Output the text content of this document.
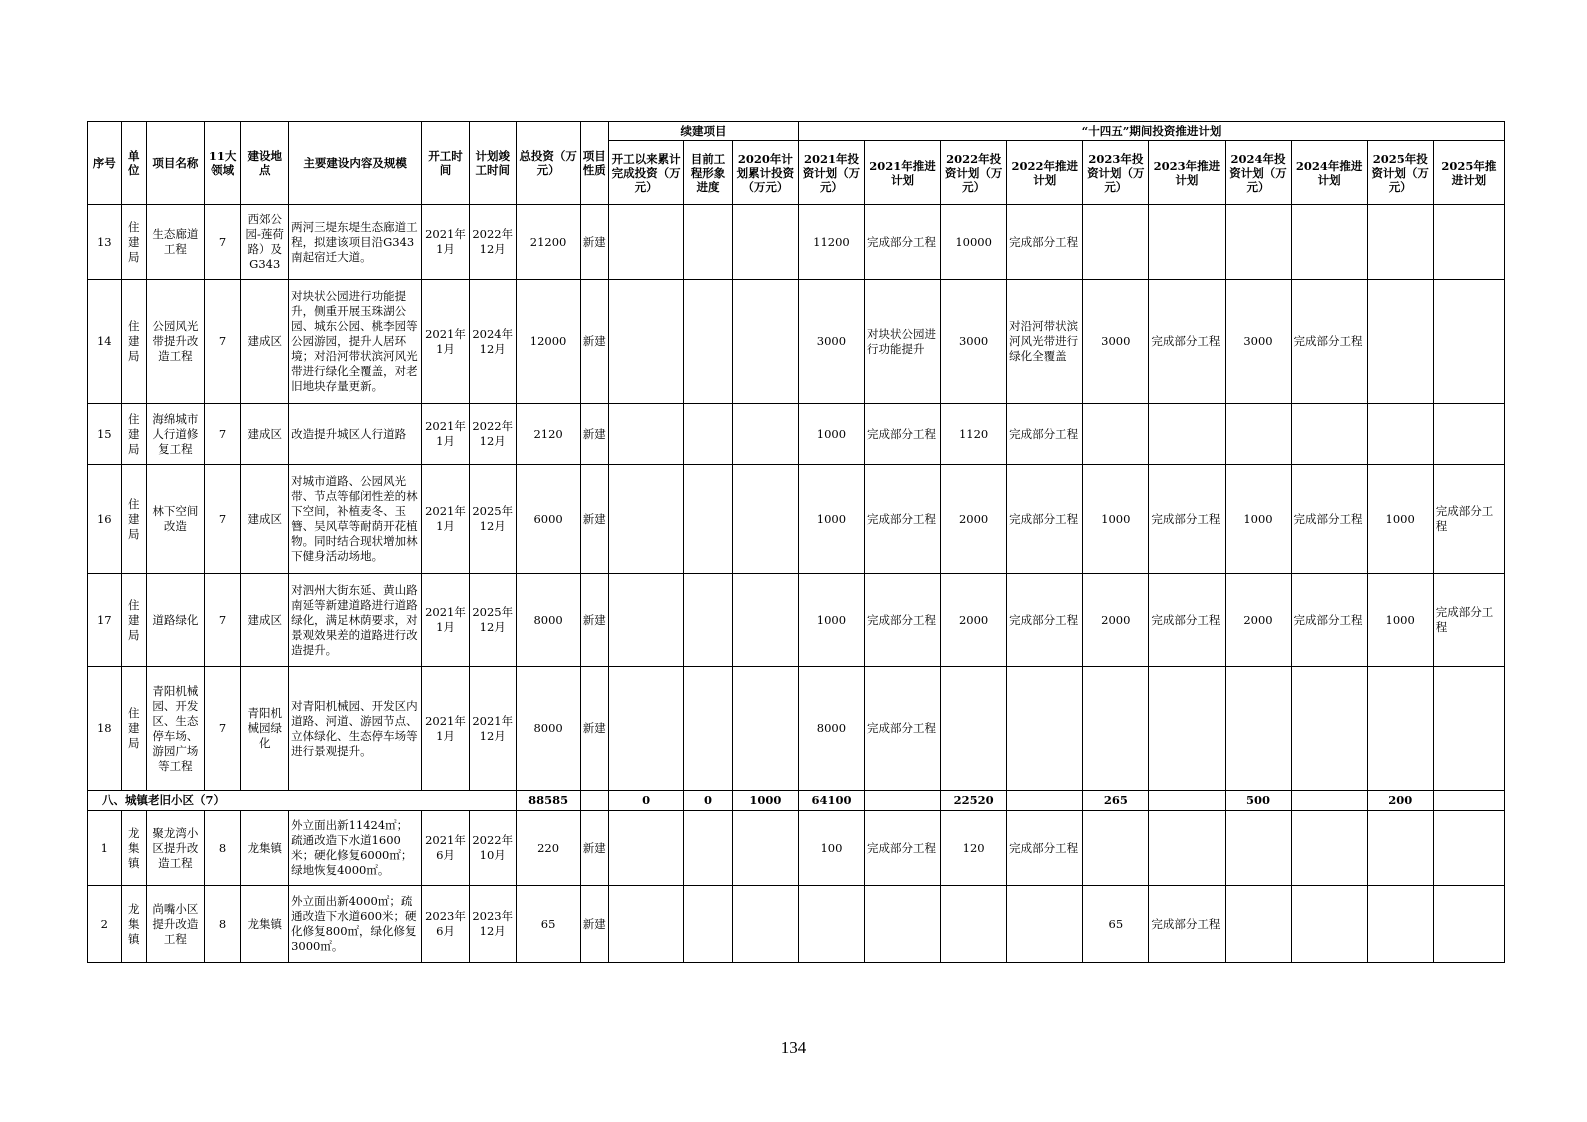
序号	单位	项目名称	11大领域	建设地点	主要建设内容及规模	开工时间	计划竣工时间	总投资（万元）	项目性质	续建项目			“十四五”期间投资推进计划									
										开工以来累计完成投资（万元）	目前工程形象进度	2020年计划累计投资（万元）	2021年投资计划（万元）	2021年推进计划	2022年投资计划（万元）	2022年推进计划	2023年投资计划（万元）	2023年推进计划	2024年投资计划（万元）	2024年推进计划	2025年投资计划（万元）	2025年推进计划
13	住建局	生态廊道工程	7	西郊公园-莲荷路）及G343	两河三堤东堤生态廊道工程，拟建该项目沿G343南起宿迁大道。	2021年1月	2022年12月	21200	新建				11200	完成部分工程	10000	完成部分工程						
14	住建局	公园风光带提升改造工程	7	建成区	对块状公园进行功能提升，侧重开展玉珠湖公园、城东公园、桃李园等公园游园，提升人居环境；对沿河带状滨河风光带进行绿化全覆盖，对老旧地块存量更新。	2021年1月	2024年12月	12000	新建				3000	对块状公园进行功能提升	3000	对沿河带状滨河风光带进行绿化全覆盖	3000	完成部分工程	3000	完成部分工程		
15	住建局	海绵城市人行道修复工程	7	建成区	改造提升城区人行道路	2021年1月	2022年12月	2120	新建				1000	完成部分工程	1120	完成部分工程						
16	住建局	林下空间改造	7	建成区	对城市道路、公园风光带、节点等郁闭性差的林下空间，补植麦冬、玉簪、吴风草等耐荫开花植物。同时结合现状增加林下健身活动场地。	2021年1月	2025年12月	6000	新建				1000	完成部分工程	2000	完成部分工程	1000	完成部分工程	1000	完成部分工程	1000	完成部分工程
17	住建局	道路绿化	7	建成区	对泗州大街东延、黄山路南延等新建道路进行道路绿化，满足林荫要求，对景观效果差的道路进行改造提升。	2021年1月	2025年12月	8000	新建				1000	完成部分工程	2000	完成部分工程	2000	完成部分工程	2000	完成部分工程	1000	完成部分工程
18	住建局	青阳机械园、开发区、生态停车场、游园广场等工程	7	青阳机械园绿化	对青阳机械园、开发区内道路、河道、游园节点、立体绿化、生态停车场等进行景观提升。	2021年1月	2021年12月	8000	新建				8000	完成部分工程								
八、城镇老旧小区（7）								88585		0	0	1000	64100		22520		265		500		200	
1	龙集镇	聚龙湾小区提升改造工程	8	龙集镇	外立面出新11424㎡；疏通改造下水道1600米；硬化修复6000㎡；绿地恢复4000㎡。	2021年6月	2022年10月	220	新建				100	完成部分工程	120	完成部分工程						
2	龙集镇	尚嘴小区提升改造工程	8	龙集镇	外立面出新4000㎡；疏通改造下水道600米；硬化修复800㎡，绿化修复3000㎡。	2023年6月	2023年12月	65	新建								65	完成部分工程				
134
